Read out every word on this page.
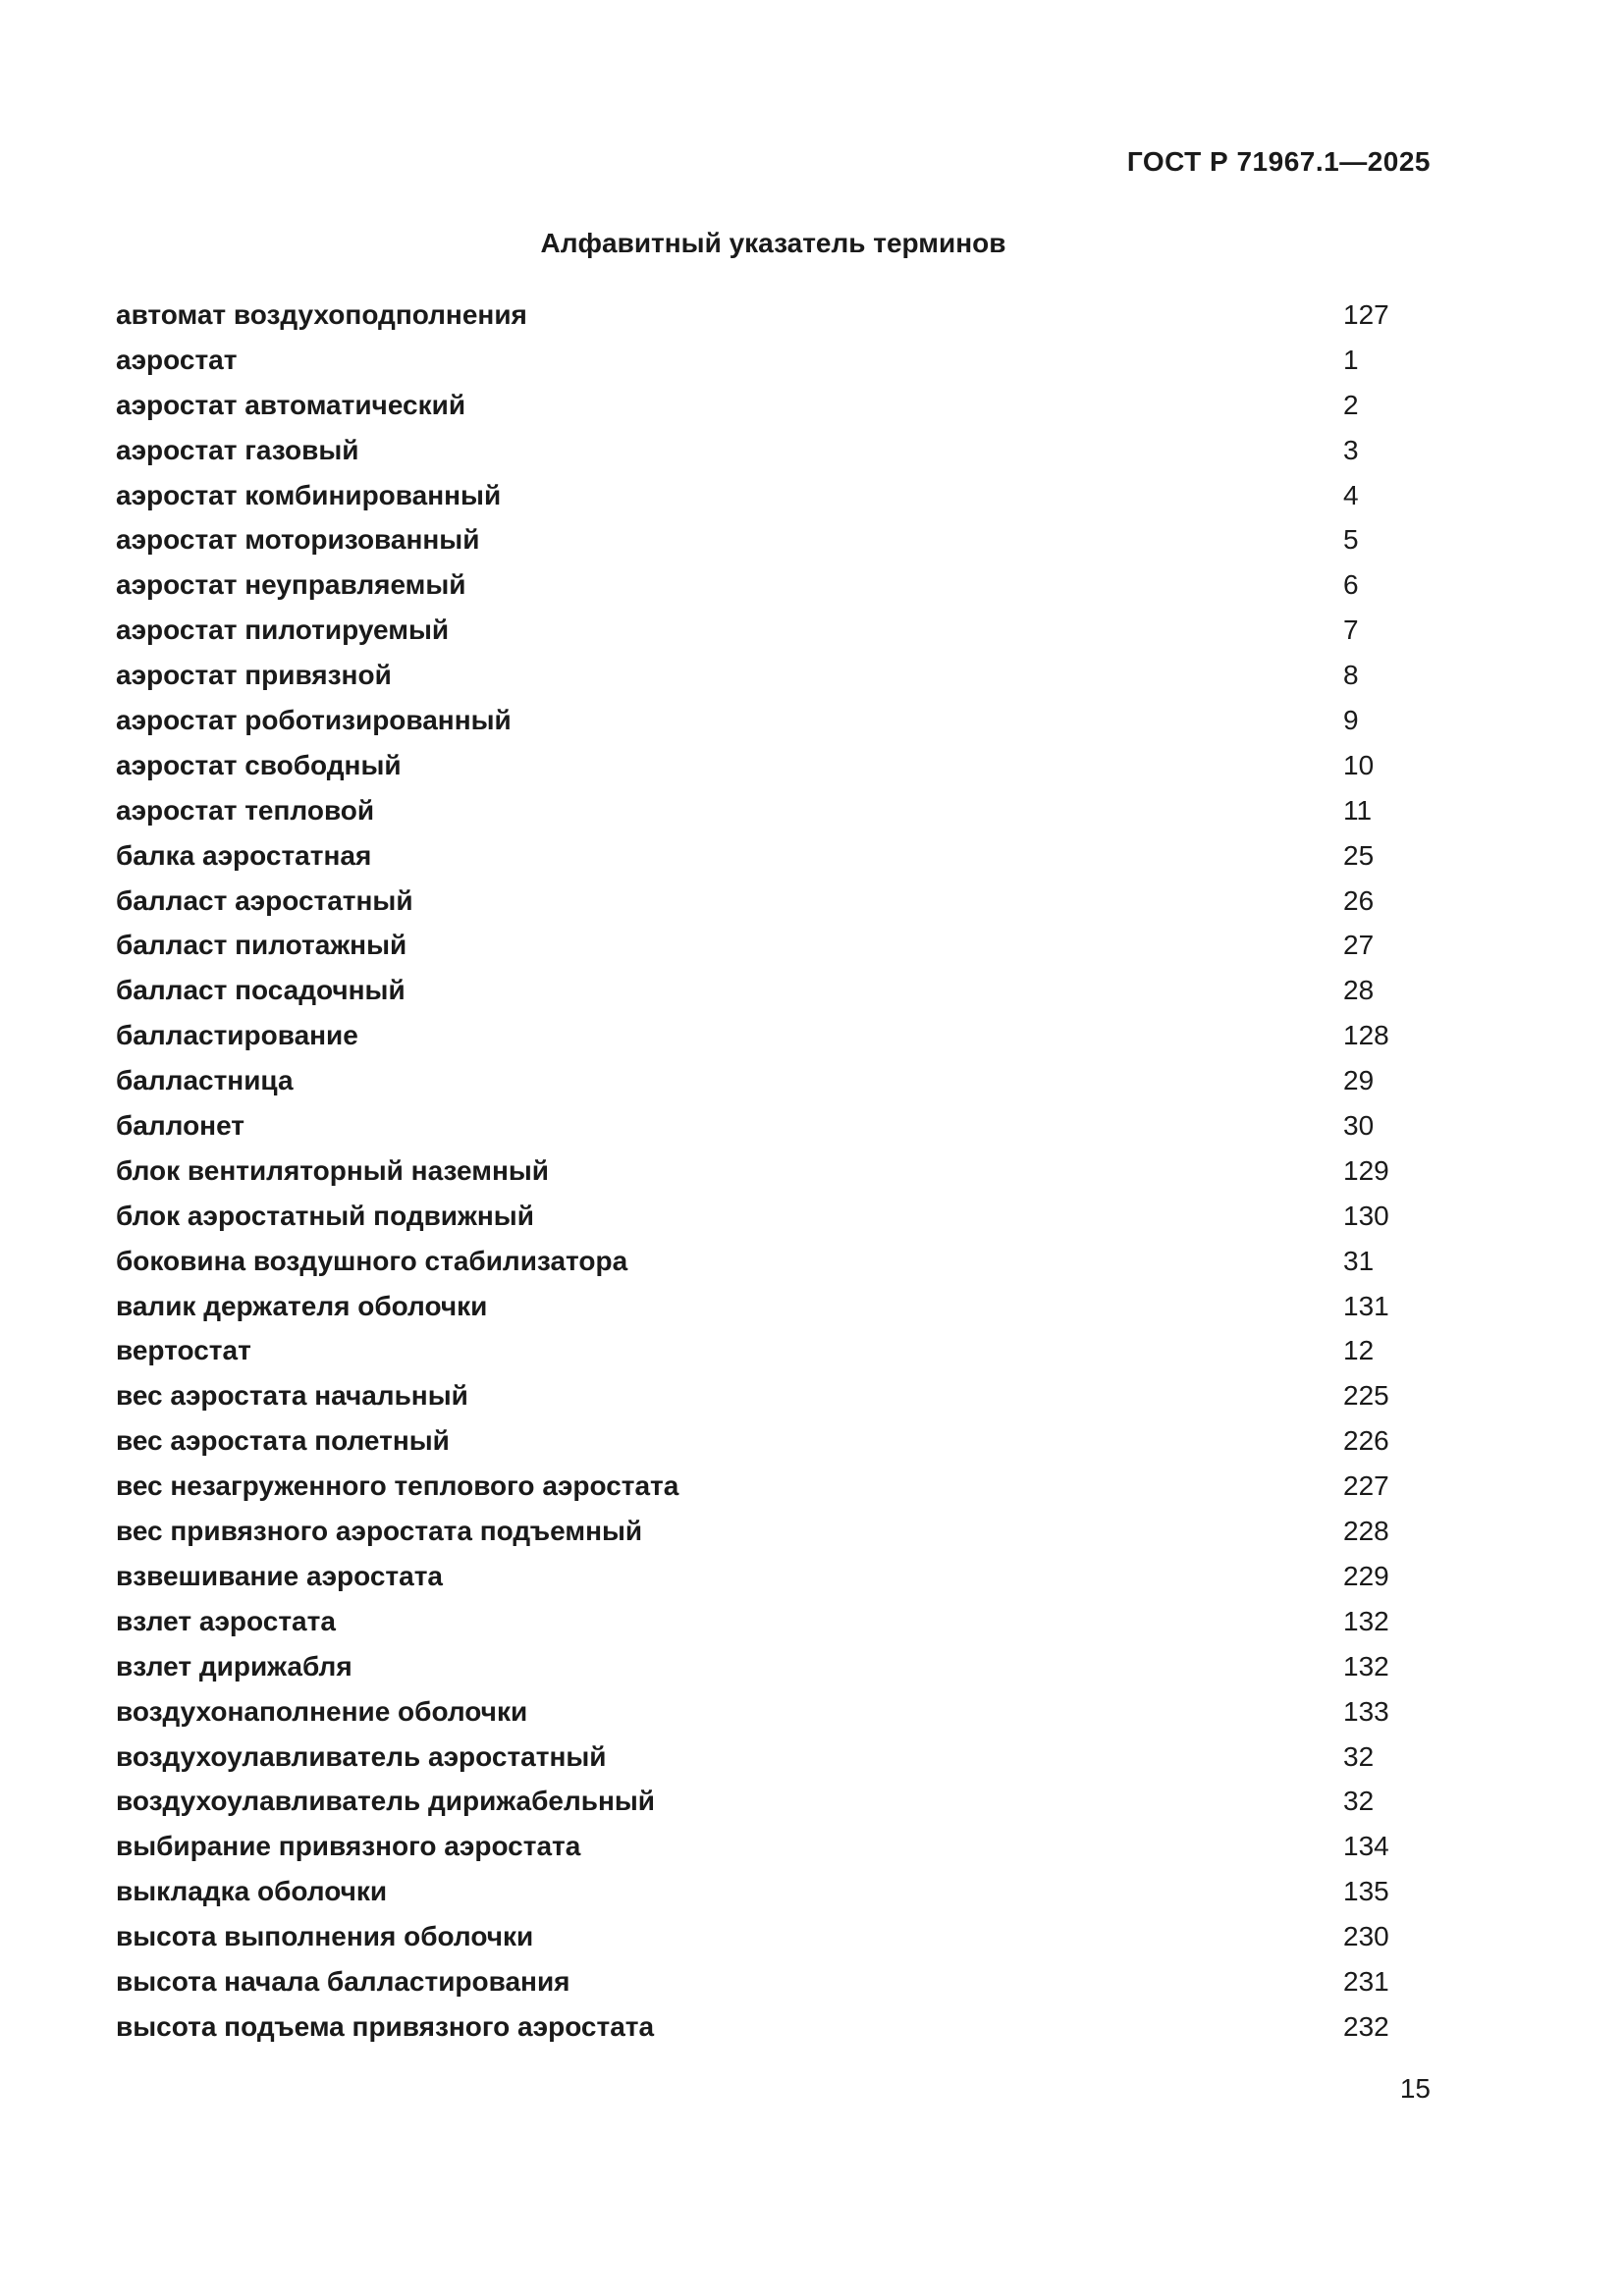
ГОСТ Р 71967.1—2025
Алфавитный указатель терминов
автомат воздухоподполнения	127
аэростат	1
аэростат автоматический	2
аэростат газовый	3
аэростат комбинированный	4
аэростат моторизованный	5
аэростат неуправляемый	6
аэростат пилотируемый	7
аэростат привязной	8
аэростат роботизированный	9
аэростат свободный	10
аэростат тепловой	11
балка аэростатная	25
балласт аэростатный	26
балласт пилотажный	27
балласт посадочный	28
балластирование	128
балластница	29
баллонет	30
блок вентиляторный наземный	129
блок аэростатный подвижный	130
боковина воздушного стабилизатора	31
валик держателя оболочки	131
вертостат	12
вес аэростата начальный	225
вес аэростата полетный	226
вес незагруженного теплового аэростата	227
вес привязного аэростата подъемный	228
взвешивание аэростата	229
взлет аэростата	132
взлет дирижабля	132
воздухонаполнение оболочки	133
воздухоулавливатель аэростатный	32
воздухоулавливатель дирижабельный	32
выбирание привязного аэростата	134
выкладка оболочки	135
высота выполнения оболочки	230
высота начала балластирования	231
высота подъема привязного аэростата	232
15
